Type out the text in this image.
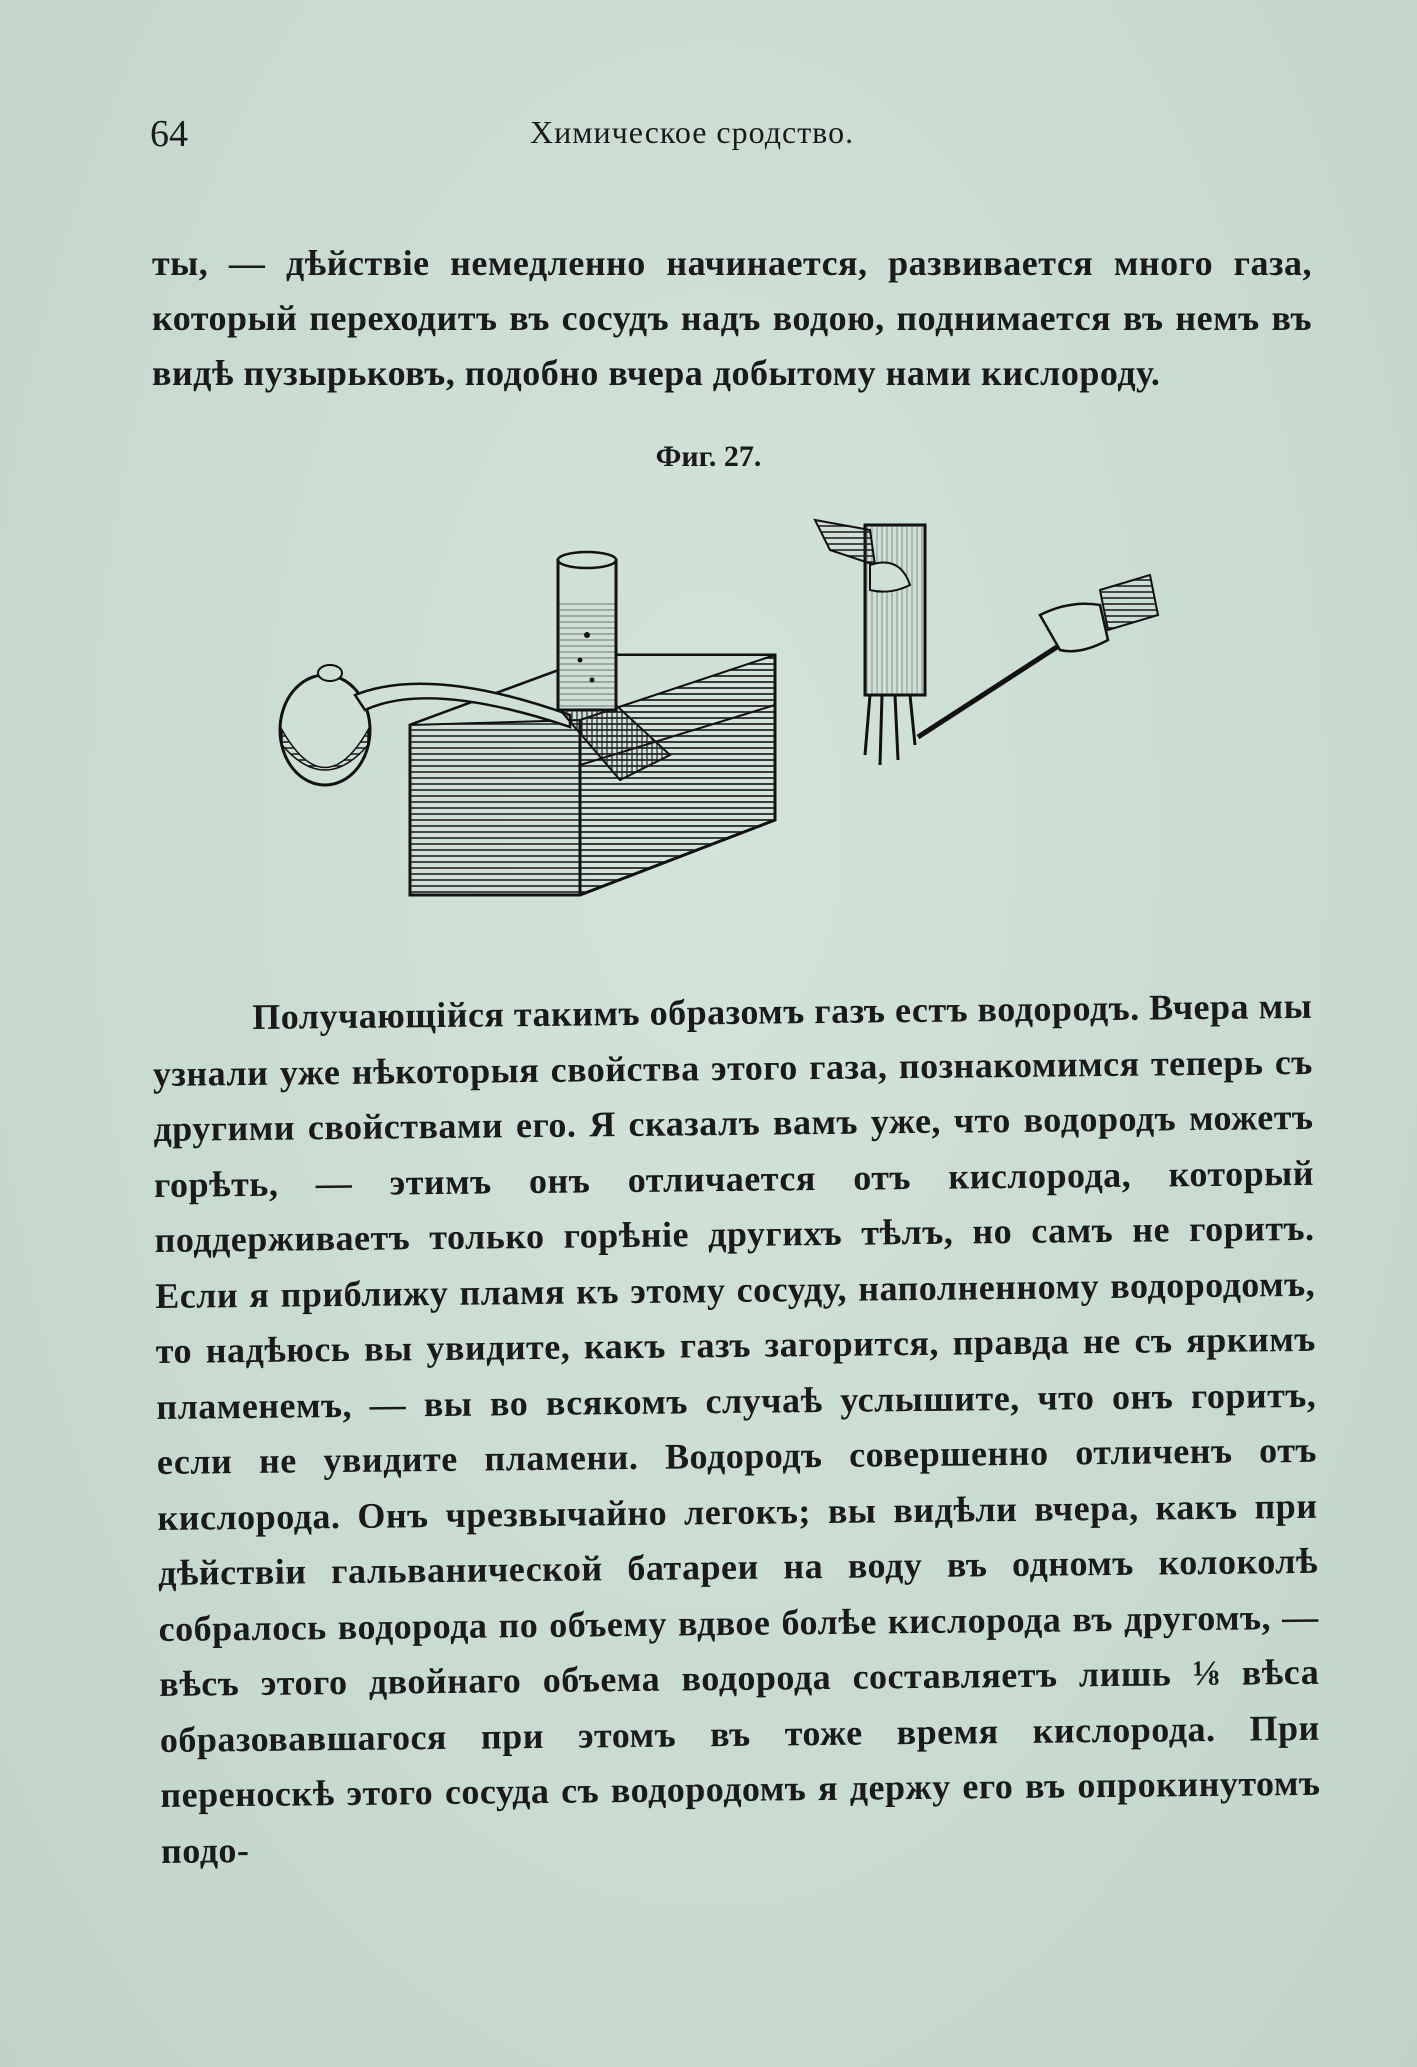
64	Химическое сродство.

ты, — дѣйствіе немедленно начинается, развивается много газа, который переходитъ въ сосудъ надъ водою, поднимается въ немъ въ видѣ пузырьковъ, подобно вчера добытому нами кислороду.

Фиг. 27.

Получающійся такимъ образомъ газъ естъ водородъ. Вчера мы узнали уже нѣкоторыя свойства этого газа, познакомимся теперь съ другими свойствами его. Я сказалъ вамъ уже, что водородъ можетъ горѣть, — этимъ онъ отличается отъ кислорода, который поддерживаетъ только горѣніе другихъ тѣлъ, но самъ не горитъ. Если я приближу пламя къ этому сосуду, наполненному водородомъ, то надѣюсь вы увидите, какъ газъ загорится, правда не съ яркимъ пламенемъ, — вы во всякомъ случаѣ услышите, что онъ горитъ, если не увидите пламени. Водородъ совершенно отличенъ отъ кислорода. Онъ чрезвычайно легокъ; вы видѣли вчера, какъ при дѣйствіи гальванической батареи на воду въ одномъ колоколѣ собралось водорода по объему вдвое болѣе кислорода въ другомъ, — вѣсъ этого двойнаго объема водорода составляетъ лишь ⅛ вѣса образовавшагося при этомъ въ тоже время кислорода. При переноскѣ этого сосуда съ водородомъ я держу его въ опрокинутомъ подо-
